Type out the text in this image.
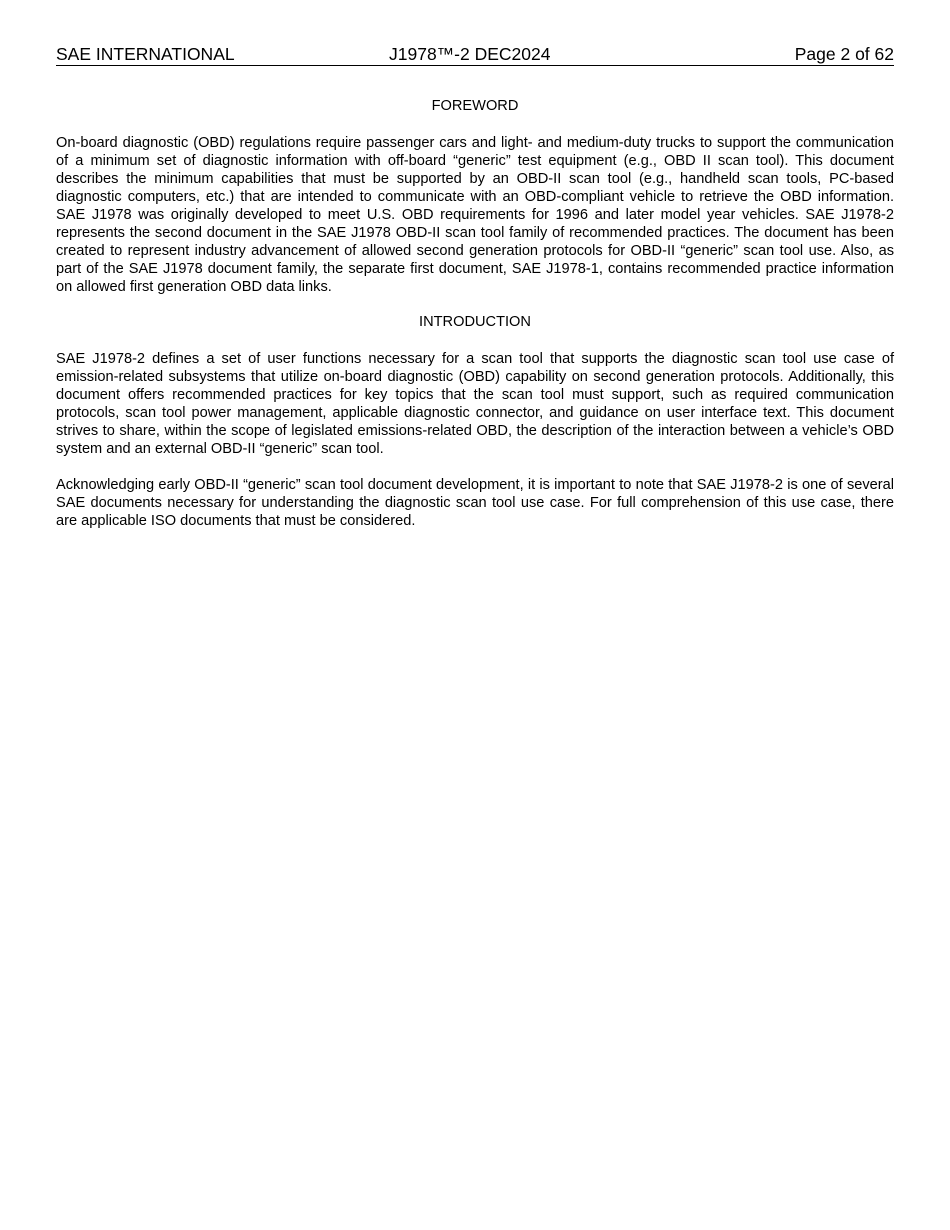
SAE INTERNATIONAL	J1978™-2 DEC2024	Page 2 of 62
FOREWORD

On-board diagnostic (OBD) regulations require passenger cars and light- and medium-duty trucks to support the communication of a minimum set of diagnostic information with off-board “generic” test equipment (e.g., OBD II scan tool). This document describes the minimum capabilities that must be supported by an OBD-II scan tool (e.g., handheld scan tools, PC-based diagnostic computers, etc.) that are intended to communicate with an OBD-compliant vehicle to retrieve the OBD information. SAE J1978 was originally developed to meet U.S. OBD requirements for 1996 and later model year vehicles. SAE J1978-2 represents the second document in the SAE J1978 OBD-II scan tool family of recommended practices. The document has been created to represent industry advancement of allowed second generation protocols for OBD-II “generic” scan tool use. Also, as part of the SAE J1978 document family, the separate first document, SAE J1978-1, contains recommended practice information on allowed first generation OBD data links.

INTRODUCTION

SAE J1978-2 defines a set of user functions necessary for a scan tool that supports the diagnostic scan tool use case of emission-related subsystems that utilize on-board diagnostic (OBD) capability on second generation protocols. Additionally, this document offers recommended practices for key topics that the scan tool must support, such as required communication protocols, scan tool power management, applicable diagnostic connector, and guidance on user interface text. This document strives to share, within the scope of legislated emissions-related OBD, the description of the interaction between a vehicle’s OBD system and an external OBD-II “generic” scan tool.

Acknowledging early OBD-II “generic” scan tool document development, it is important to note that SAE J1978-2 is one of several SAE documents necessary for understanding the diagnostic scan tool use case. For full comprehension of this use case, there are applicable ISO documents that must be considered.
